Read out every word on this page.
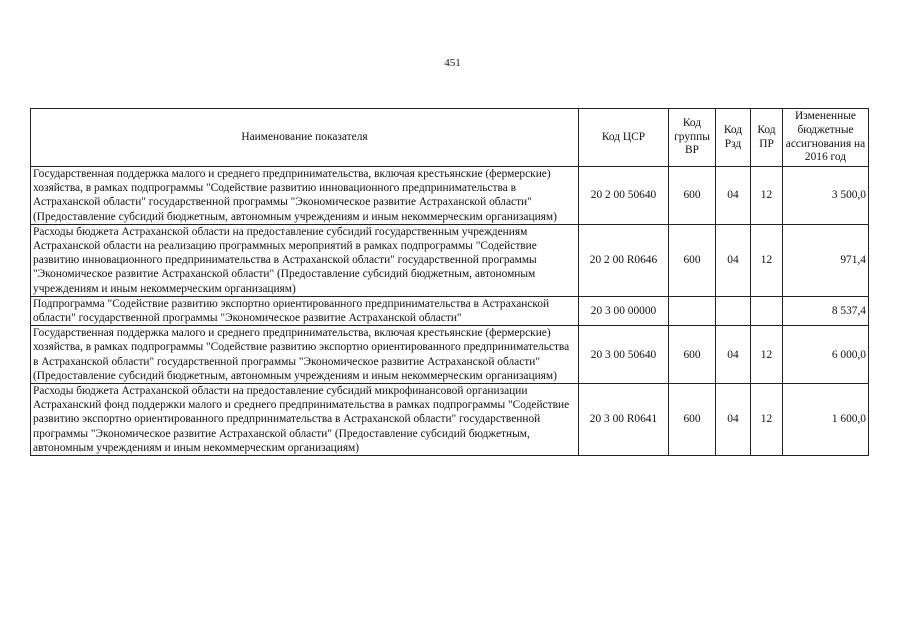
451
Наименование показателя	Код ЦСР	Код группы ВР	Код Рзд	Код ПР	Измененные бюджетные ассигнования на 2016 год
Государственная поддержка малого и среднего предпринимательства, включая крестьянские (фермерские) хозяйства, в рамках подпрограммы "Содействие развитию инновационного предпринимательства в Астраханской области" государственной программы "Экономическое развитие Астраханской области" (Предоставление субсидий бюджетным, автономным учреждениям и иным некоммерческим организациям)	20 2 00 50640	600	04	12	3 500,0
Расходы бюджета Астраханской области на предоставление субсидий государственным учреждениям Астраханской области на реализацию программных мероприятий в рамках подпрограммы "Содействие развитию инновационного предпринимательства в Астраханской области" государственной программы "Экономическое развитие Астраханской области" (Предоставление субсидий бюджетным, автономным учреждениям и иным некоммерческим организациям)	20 2 00 R0646	600	04	12	971,4
Подпрограмма "Содействие развитию экспортно ориентированного предпринимательства в Астраханской области" государственной программы "Экономическое развитие Астраханской области"	20 3 00 00000				8 537,4
Государственная поддержка малого и среднего предпринимательства, включая крестьянские (фермерские) хозяйства, в рамках подпрограммы "Содействие развитию экспортно ориентированного предпринимательства в Астраханской области" государственной программы "Экономическое развитие Астраханской области" (Предоставление субсидий бюджетным, автономным учреждениям и иным некоммерческим организациям)	20 3 00 50640	600	04	12	6 000,0
Расходы бюджета Астраханской области на предоставление субсидий микрофинансовой организации Астраханский фонд поддержки малого и среднего предпринимательства в рамках подпрограммы "Содействие развитию экспортно ориентированного предпринимательства в Астраханской области" государственной программы "Экономическое развитие Астраханской области" (Предоставление субсидий бюджетным, автономным учреждениям и иным некоммерческим организациям)	20 3 00 R0641	600	04	12	1 600,0
